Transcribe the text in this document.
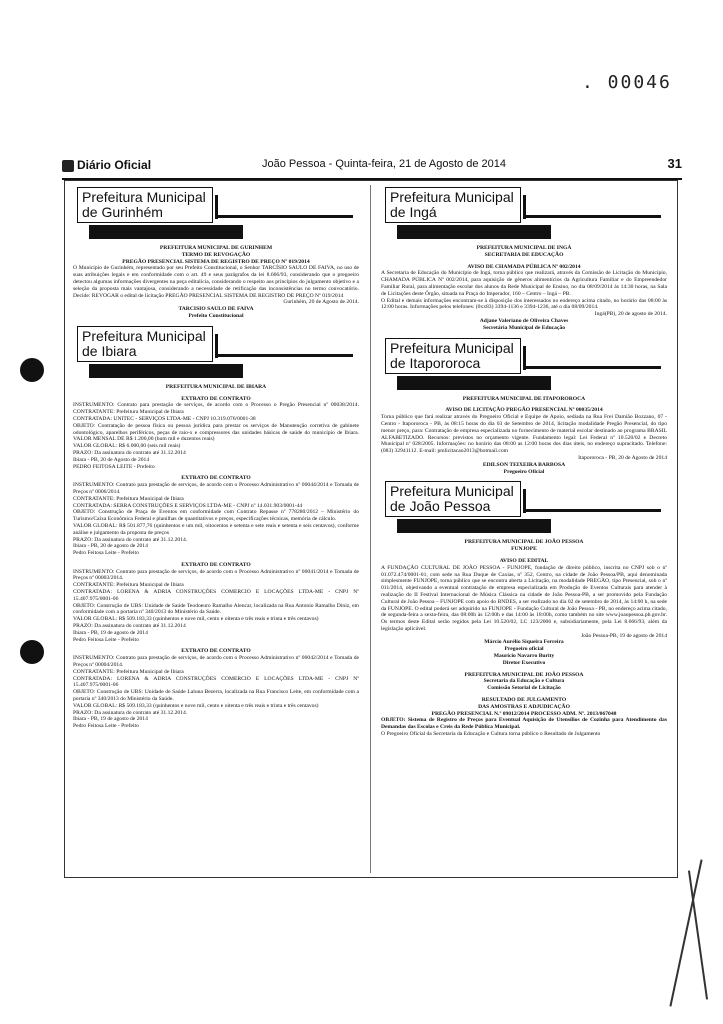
. 00046
Diário Oficial	João Pessoa - Quinta-feira, 21 de Agosto de 2014	31
Prefeitura Municipal
de Gurinhém
PREFEITURA MUNICIPAL DE GURINHEM
TERMO DE REVOGAÇÃO
PREGÃO PRESENCIAL SISTEMA DE REGISTRO DE PREÇO Nº 019/2014
O Município de Gurinhém, representado por seu Prefeito Constitucional, o Senhor TARCÍSIO SAULO DE FAIVA, no uso de suas atribuições legais e em conformidade com o art. 49 e seus parágrafos da lei 8.666/93, considerando que o pregoeiro detectou algumas informações divergentes na peça editalícia, considerando o respeito aos princípios do julgamento objetivo e a seleção da proposta mais vantajosa, considerando a necessidade de retificação das inconsistências no termo convocatório. Decide: REVOGAR o edital de licitação PREGÃO PRESENCIAL SISTEMA DE REGISTRO DE PREÇO Nº 019/2014
Gurinhém, 20 de Agosto de 2014.
TARCISIO SAULO DE FAIVA
Prefeito Constitucional
Prefeitura Municipal
de Ibiara
PREFEITURA MUNICIPAL DE IBIARA
EXTRATO DE CONTRATO
INSTRUMENTO: Contrato para prestação de serviços, de acordo com o Processo o Pregão Presencial nº 00038/2014. CONTRATANTE: Prefeitura Municipal de Ibiara
CONTRATADA: UNITEC - SERVIÇOS LTDA-ME - CNPJ 10.319.076/0001-38
OBJETO: Contratação de pessoa física ou pessoa jurídica para prestar os serviços de Manutenção corretiva de gabinete odontológico, aparelhos periféricos, peças de raio-x e compressores das unidades básicas de saúde do município de Ibiara. VALOR MENSAL DE R$ 1.200,00 (hum mil e duzentos reais)
VALOR GLOBAL: R$ 6.000,00 (seis mil reais)
PRAZO: Da assinatura do contrato até 31.12.2014
Ibiara - PB, 20 de Agosto de 2014
PEDRO FEITOSA LEITE - Prefeito
EXTRATO DE CONTRATO
INSTRUMENTO: Contrato para prestação de serviços, de acordo com o Processo Administrativo nº 00044/2014 e Tomada de Preços nº 0006/2014.
CONTRATANTE: Prefeitura Municipal de Ibiara
CONTRATADA: SERRA CONSTRUÇÕES E SERVIÇOS LTDA-ME - CNPJ nº 14.031.903/0001-44
OBJETO: Construção de Praça de Eventos em conformidade com Contrato Repasse nº 778280/2012 – Ministério do Turismo/Caixa Econômica Federal e planilhas de quantitativos e preços, especificações técnicas, memória de cálculo.
VALOR GLOBAL: R$ 501.877,76 (quinhentos e um mil, oitocentos e setenta e sete reais e setenta e seis centavos), conforme análise e julgamento da proposta de preços
PRAZO: Da assinatura do contrato até 31.12.2014.
Ibiara - PB, 20 de agosto de 2014
Pedro Feitosa Leite - Prefeito
EXTRATO DE CONTRATO
INSTRUMENTO: Contrato para prestação de serviços, de acordo com o Processo Administrativo nº 00041/2014 e Tomada de Preços nº 00003/2014.
CONTRATANTE: Prefeitura Municipal de Ibiara
CONTRATADA: LORENA & ADRIA CONSTRUÇÕES COMERCIO E LOCAÇÕES LTDA-ME - CNPJ Nº 15.407.975/0001-06
OBJETO: Construção de UBS: Unidade de Saúde Teodoeuro Ramalho Alencar, localizada na Rua Antonio Ramalho Diniz, em conformidade com a portaria nº 340/2013 do Ministério da Saúde.
VALOR GLOBAL: R$ 509.183,33 (quinhentos e nove mil, cento e oitenta e três reais e trinta e três centavos)
PRAZO: Da assinatura do contrato até 31.12.2014
Ibiara - PB, 19 de agosto de 2014
Pedro Feitosa Leite - Prefeito
EXTRATO DE CONTRATO
INSTRUMENTO: Contrato para prestação de serviços, de acordo com o Processo Administrativo nº 00042/2014 e Tomada de Preços nº 00004/2014.
CONTRATANTE: Prefeitura Municipal de Ibiara
CONTRATADA: LORENA & ADRIA CONSTRUÇÕES COMERCIO E LOCAÇÕES LTDA-ME - CNPJ Nº 15.407.975/0001-06
OBJETO: Construção de UBS: Unidade de Saúde Laluna Bezerra, localizada na Rua Francisco Leite, em conformidade com a portaria nº 340/2013 do Ministério da Saúde.
VALOR GLOBAL: R$ 509.183,33 (quinhentos e nove mil, cento e oitenta e três reais e trinta e três centavos)
PRAZO: Da assinatura do contrato até 31.12.2014.
Ibiara - PB, 19 de agosto de 2014
Pedro Feitosa Leite - Prefeito
Prefeitura Municipal
de Ingá
PREFEITURA MUNICIPAL DE INGÁ
SECRETARIA DE EDUCAÇÃO
AVISO DE CHAMADA PÚBLICA Nº 002/2014
A Secretaria de Educação do Município de Ingá, torna público que realizará, através da Comissão de Licitação do Município, CHAMADA PÚBLICA Nº 002/2014, para aquisição de gêneros alimentícios da Agricultura Familiar e do Empreendedor Familiar Rural, para alimentação escolar dos alunos da Rede Municipal de Ensino, no dia 08/09/2014 às 14:30 horas, na Sala de Licitações deste Órgão, situada na Praça do Imperador, 160 – Centro – Ingá – PB.
O Edital e demais informações encontram-se à disposição dos interessados no endereço acima citado, no horário das 08:00 às 12:00 horas. Informações pelos telefones: (0xx83) 3394-1136 e 3394-1236, até o dia 08/09/2014.
Ingá(PB), 20 de agosto de 2014.
Adjane Valeriano de Oliveira Chaves
Secretária Municipal de Educação
Prefeitura Municipal
de Itapororoca
PREFEITURA MUNICIPAL DE ITAPOROROCA
AVISO DE LICITAÇÃO PREGÃO PRESENCIAL Nº 00035/2014
Torna público que fará realizar através do Pregoeiro Oficial e Equipe de Apoio, sediada na Rua Frei Damião Bozzano, 07 - Centro - Itapororoca - PB, às 08:15 horas do dia 03 de Setembro de 2014, licitação modalidade Pregão Presencial, do tipo menor preço, para: Contratação de empresa especializada no fornecimento de material escolar destinado ao programa BRASIL ALFABETIZADO. Recursos: previstos no orçamento vigente. Fundamento legal: Lei Federal nº 10.520/02 e Decreto Municipal nº 028/2005. Informações: no horário das 08:00 as 12:00 horas dos dias úteis, no endereço supracitado. Telefone: (083) 32941112. E-mail: pmlicitacao2013@hotmail.com
Itapororoca - PB, 20 de Agosto de 2014
EDILSON TEIXEIRA BARBOSA
Pregoeiro Oficial
Prefeitura Municipal
de João Pessoa
PREFEITURA MUNICIPAL DE JOÃO PESSOA
FUNJOPE
AVISO DE EDITAL
A FUNDAÇÃO CULTURAL DE JOÃO PESSOA - FUNJOPE, fundação de direito público, inscrita no CNPJ sob o nº 01.072.474/0001-01, com sede na Rua Duque de Caxias, nº 352, Centro, na cidade de João Pessoa/PB, aqui denominada simplesmente FUNJOPE, torna público que se encontra aberta a Licitação, na modalidade PREGÃO, tipo Presencial, sob o nº 011/2014, objetivando a eventual contratação de empresa especializada em Produção de Eventos Culturais para atender à realização do II Festival Internacional de Música Clássica na cidade de João Pessoa-PB, a ser promovido pela Fundação Cultural de João Pessoa – FUNJOPE com apoio do BNDES, a ser realizado no dia 02 de setembro de 2014, às 14:00 h, na sede da FUNJOPE. O edital poderá ser adquirido na FUNJOPE - Fundação Cultural de João Pessoa - PB, no endereço acima citado, de segunda-feira a sexta-feira, das 08:00h às 12:00h e das 14:00 às 18:00h, como também no site www.joaopessoa.pb.gov.br. Os termos deste Edital serão regidos pela Lei 10.520/02, LC 123/2006 e, subsidiariamente, pela Lei 8.666/93, além da legislação aplicável.
João Pessoa-PB, 19 de agosto de 2014
Márcio Aurélio Siqueira Ferreira
Pregoeiro oficial
Maurício Navarro Burity
Diretor Executivo
PREFEITURA MUNICIPAL DE JOÃO PESSOA
Secretaria da Educação e Cultura
Comissão Setorial de Licitação
RESULTADO DE JULGAMENTO
DAS AMOSTRAS E ADJUDICAÇÃO
PREGÃO PRESENCIAL N.º 09012/2014 PROCESSO ADM. Nº. 2013/067048
OBJETO: Sistema de Registro de Preços para Eventual Aquisição de Utensílios de Cozinha para Atendimento das Demandas das Escolas e Creis da Rede Pública Municipal.
O Pregoeiro Oficial da Secretaria da Educação e Cultura torna público o Resultado de Julgamento
